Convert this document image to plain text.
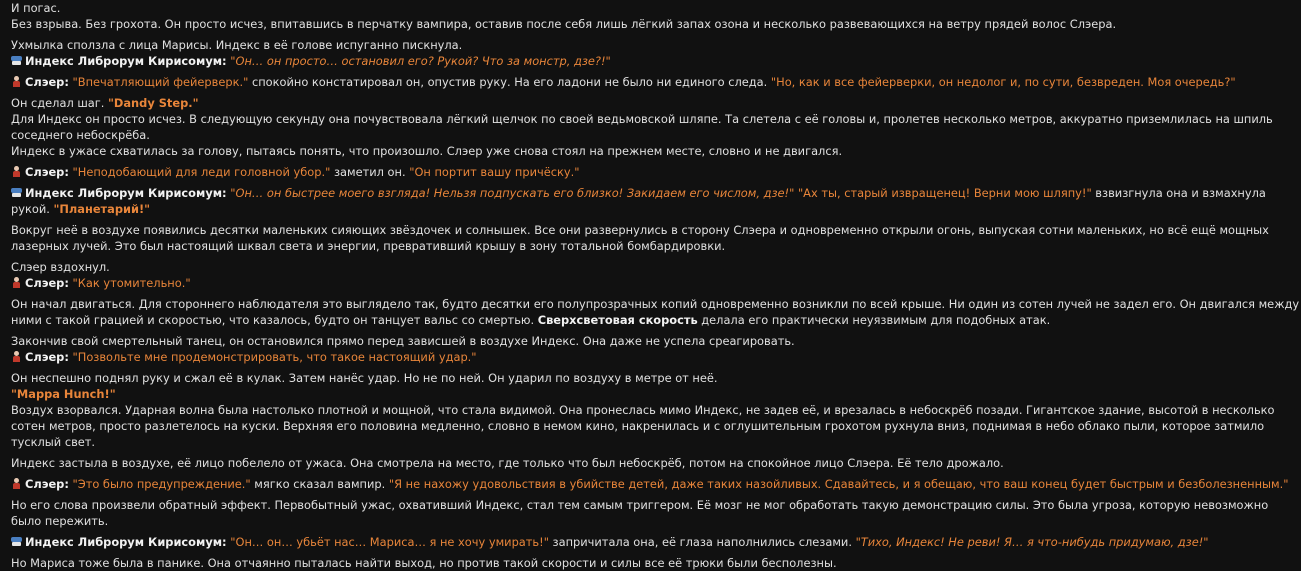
И погас.
Без взрыва. Без грохота. Он просто исчез, впитавшись в перчатку вампира, оставив после себя лишь лёгкий запах озона и несколько развевающихся на ветру прядей волос Слэера.
Ухмылка сползла с лица Марисы. Индекс в её голове испуганно пискнула.
Индекс Либрорум Кирисомум: "Он… он просто… остановил его? Рукой? Что за монстр, дзе?!"
Слэер: "Впечатляющий фейерверк." спокойно констатировал он, опустив руку. На его ладони не было ни единого следа. "Но, как и все фейерверки, он недолог и, по сути, безвреден. Моя очередь?"
Он сделал шаг. "Dandy Step."
Для Индекс он просто исчез. В следующую секунду она почувствовала лёгкий щелчок по своей ведьмовской шляпе. Та слетела с её головы и, пролетев несколько метров, аккуратно приземлилась на шпиль соседнего небоскрёба.
Индекс в ужасе схватилась за голову, пытаясь понять, что произошло. Слэер уже снова стоял на прежнем месте, словно и не двигался.
Слэер: "Неподобающий для леди головной убор." заметил он. "Он портит вашу причёску."
Индекс Либрорум Кирисомум: "Он… он быстрее моего взгляда! Нельзя подпускать его близко! Закидаем его числом, дзе!" "Ах ты, старый извращенец! Верни мою шляпу!" взвизгнула она и взмахнула рукой. "Планетарий!"
Вокруг неё в воздухе появились десятки маленьких сияющих звёздочек и солнышек. Все они развернулись в сторону Слэера и одновременно открыли огонь, выпуская сотни маленьких, но всё ещё мощных лазерных лучей. Это был настоящий шквал света и энергии, превративший крышу в зону тотальной бомбардировки.
Слэер вздохнул.
Слэер: "Как утомительно."
Он начал двигаться. Для стороннего наблюдателя это выглядело так, будто десятки его полупрозрачных копий одновременно возникли по всей крыше. Ни один из сотен лучей не задел его. Он двигался между ними с такой грацией и скоростью, что казалось, будто он танцует вальс со смертью. Сверхсветовая скорость делала его практически неуязвимым для подобных атак.
Закончив свой смертельный танец, он остановился прямо перед зависшей в воздухе Индекс. Она даже не успела среагировать.
Слэер: "Позвольте мне продемонстрировать, что такое настоящий удар."
Он неспешно поднял руку и сжал её в кулак. Затем нанёс удар. Но не по ней. Он ударил по воздуху в метре от неё.
"Mappa Hunch!"
Воздух взорвался. Ударная волна была настолько плотной и мощной, что стала видимой. Она пронеслась мимо Индекс, не задев её, и врезалась в небоскрёб позади. Гигантское здание, высотой в несколько сотен метров, просто разлетелось на куски. Верхняя его половина медленно, словно в немом кино, накренилась и с оглушительным грохотом рухнула вниз, поднимая в небо облако пыли, которое затмило тусклый свет.
Индекс застыла в воздухе, её лицо побелело от ужаса. Она смотрела на место, где только что был небоскрёб, потом на спокойное лицо Слэера. Её тело дрожало.
Слэер: "Это было предупреждение." мягко сказал вампир. "Я не нахожу удовольствия в убийстве детей, даже таких назойливых. Сдавайтесь, и я обещаю, что ваш конец будет быстрым и безболезненным."
Но его слова произвели обратный эффект. Первобытный ужас, охвативший Индекс, стал тем самым триггером. Её мозг не мог обработать такую демонстрацию силы. Это была угроза, которую невозможно было пережить.
Индекс Либрорум Кирисомум: "Он… он… убьёт нас… Мариса… я не хочу умирать!" запричитала она, её глаза наполнились слезами. "Тихо, Индекс! Не реви! Я… я что-нибудь придумаю, дзе!"
Но Мариса тоже была в панике. Она отчаянно пыталась найти выход, но против такой скорости и силы все её трюки были бесполезны.
